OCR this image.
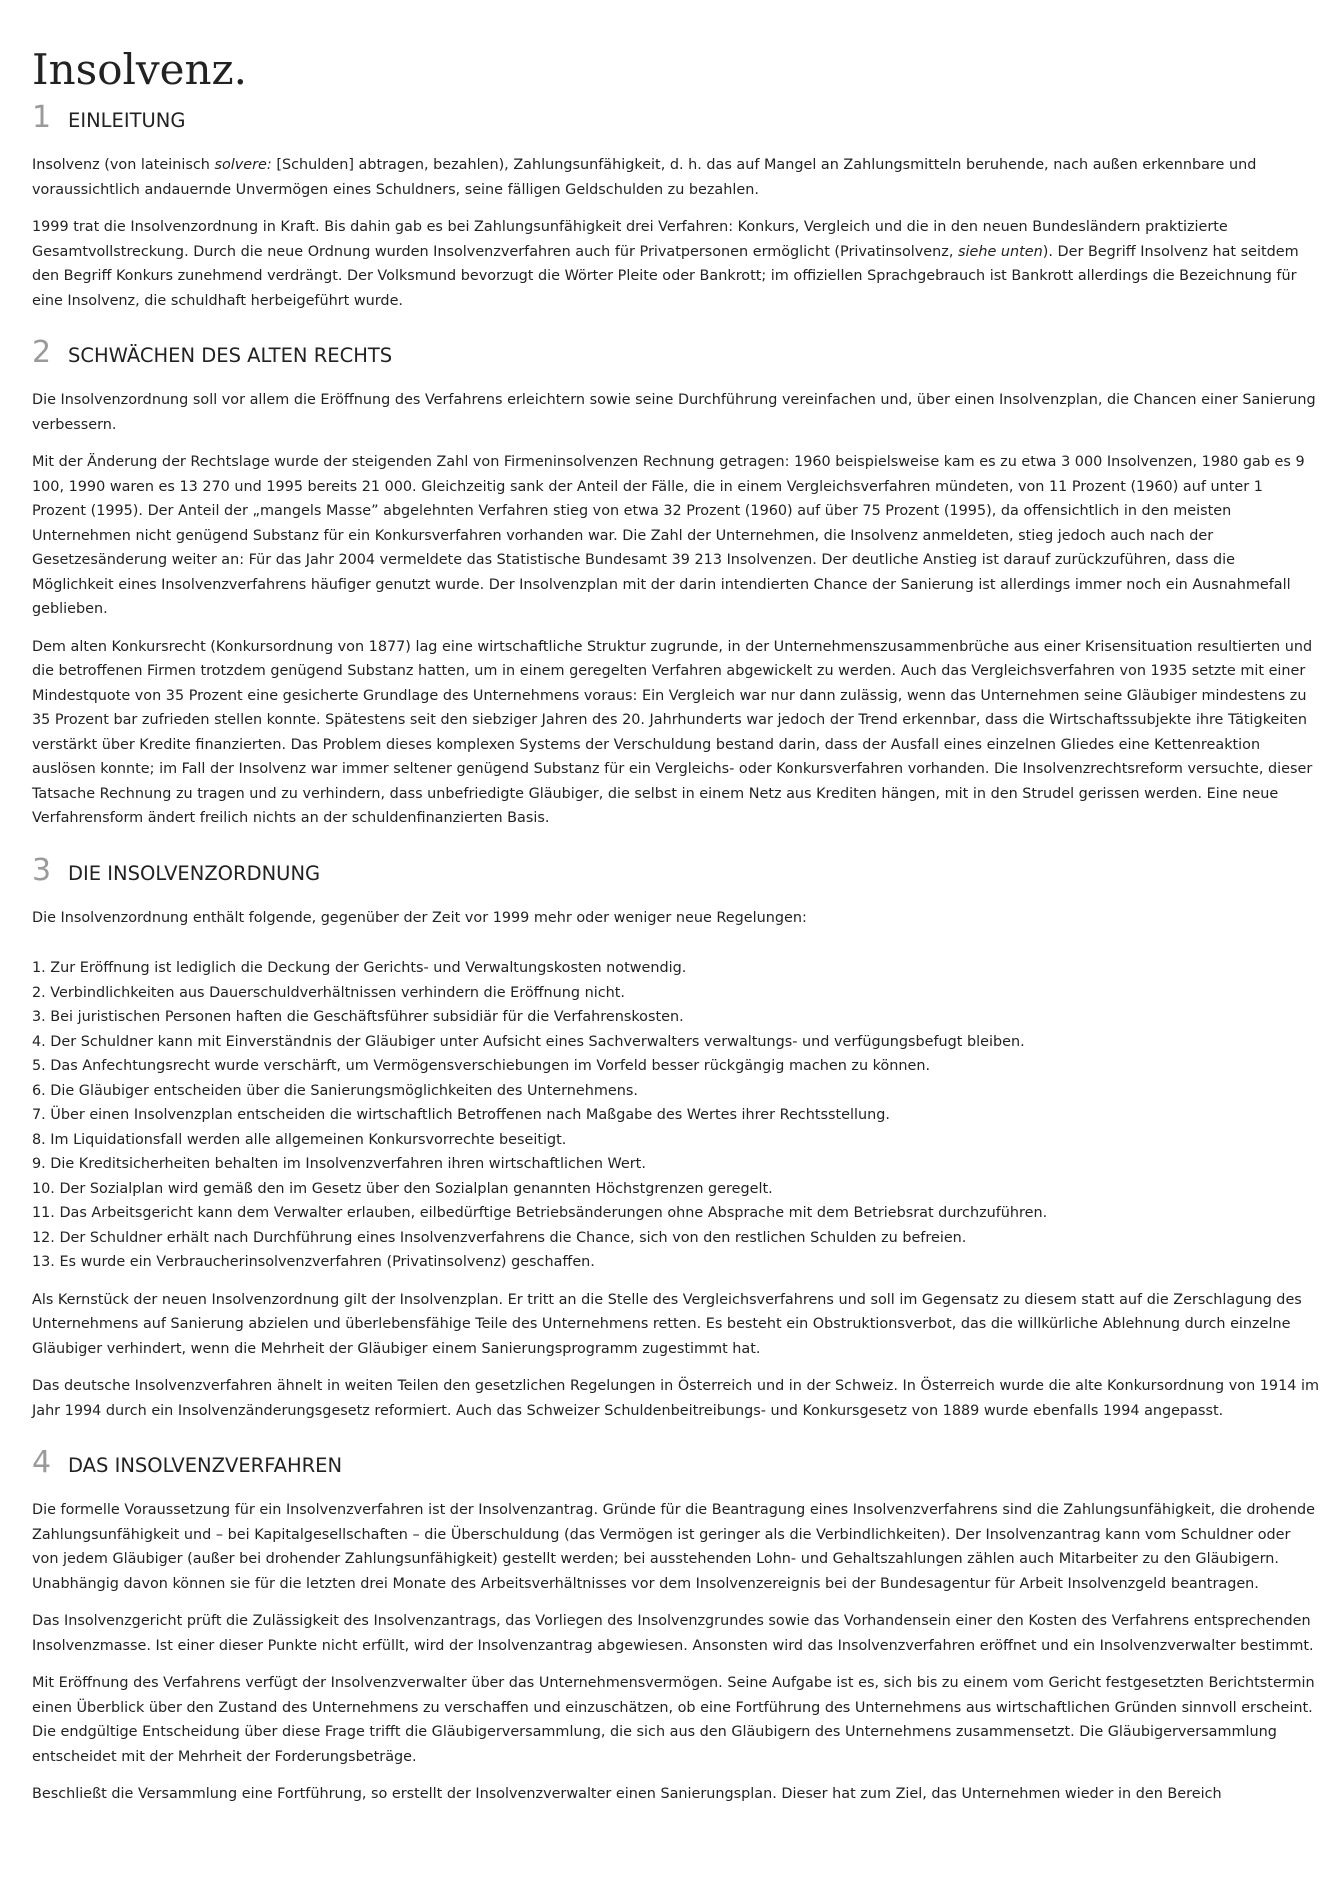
Insolvenz.
1 EINLEITUNG

Insolvenz (von lateinisch solvere: [Schulden] abtragen, bezahlen), Zahlungsunfähigkeit, d. h. das auf Mangel an Zahlungsmitteln beruhende, nach außen erkennbare und voraussichtlich andauernde Unvermögen eines Schuldners, seine fälligen Geldschulden zu bezahlen.

1999 trat die Insolvenzordnung in Kraft. Bis dahin gab es bei Zahlungsunfähigkeit drei Verfahren: Konkurs, Vergleich und die in den neuen Bundesländern praktizierte Gesamtvollstreckung. Durch die neue Ordnung wurden Insolvenzverfahren auch für Privatpersonen ermöglicht (Privatinsolvenz, siehe unten). Der Begriff Insolvenz hat seitdem den Begriff Konkurs zunehmend verdrängt. Der Volksmund bevorzugt die Wörter Pleite oder Bankrott; im offiziellen Sprachgebrauch ist Bankrott allerdings die Bezeichnung für eine Insolvenz, die schuldhaft herbeigeführt wurde.

2 SCHWÄCHEN DES ALTEN RECHTS

Die Insolvenzordnung soll vor allem die Eröffnung des Verfahrens erleichtern sowie seine Durchführung vereinfachen und, über einen Insolvenzplan, die Chancen einer Sanierung verbessern.

Mit der Änderung der Rechtslage wurde der steigenden Zahl von Firmeninsolvenzen Rechnung getragen: 1960 beispielsweise kam es zu etwa 3 000 Insolvenzen, 1980 gab es 9 100, 1990 waren es 13 270 und 1995 bereits 21 000. Gleichzeitig sank der Anteil der Fälle, die in einem Vergleichsverfahren mündeten, von 11 Prozent (1960) auf unter 1 Prozent (1995). Der Anteil der „mangels Masse” abgelehnten Verfahren stieg von etwa 32 Prozent (1960) auf über 75 Prozent (1995), da offensichtlich in den meisten Unternehmen nicht genügend Substanz für ein Konkursverfahren vorhanden war. Die Zahl der Unternehmen, die Insolvenz anmeldeten, stieg jedoch auch nach der Gesetzesänderung weiter an: Für das Jahr 2004 vermeldete das Statistische Bundesamt 39 213 Insolvenzen. Der deutliche Anstieg ist darauf zurückzuführen, dass die Möglichkeit eines Insolvenzverfahrens häufiger genutzt wurde. Der Insolvenzplan mit der darin intendierten Chance der Sanierung ist allerdings immer noch ein Ausnahmefall geblieben.

Dem alten Konkursrecht (Konkursordnung von 1877) lag eine wirtschaftliche Struktur zugrunde, in der Unternehmenszusammenbrüche aus einer Krisensituation resultierten und die betroffenen Firmen trotzdem genügend Substanz hatten, um in einem geregelten Verfahren abgewickelt zu werden. Auch das Vergleichsverfahren von 1935 setzte mit einer Mindestquote von 35 Prozent eine gesicherte Grundlage des Unternehmens voraus: Ein Vergleich war nur dann zulässig, wenn das Unternehmen seine Gläubiger mindestens zu 35 Prozent bar zufrieden stellen konnte. Spätestens seit den siebziger Jahren des 20. Jahrhunderts war jedoch der Trend erkennbar, dass die Wirtschaftssubjekte ihre Tätigkeiten verstärkt über Kredite finanzierten. Das Problem dieses komplexen Systems der Verschuldung bestand darin, dass der Ausfall eines einzelnen Gliedes eine Kettenreaktion auslösen konnte; im Fall der Insolvenz war immer seltener genügend Substanz für ein Vergleichs- oder Konkursverfahren vorhanden. Die Insolvenzrechtsreform versuchte, dieser Tatsache Rechnung zu tragen und zu verhindern, dass unbefriedigte Gläubiger, die selbst in einem Netz aus Krediten hängen, mit in den Strudel gerissen werden. Eine neue Verfahrensform ändert freilich nichts an der schuldenfinanzierten Basis.

3 DIE INSOLVENZORDNUNG

Die Insolvenzordnung enthält folgende, gegenüber der Zeit vor 1999 mehr oder weniger neue Regelungen:

1. Zur Eröffnung ist lediglich die Deckung der Gerichts- und Verwaltungskosten notwendig.
2. Verbindlichkeiten aus Dauerschuldverhältnissen verhindern die Eröffnung nicht.
3. Bei juristischen Personen haften die Geschäftsführer subsidiär für die Verfahrenskosten.
4. Der Schuldner kann mit Einverständnis der Gläubiger unter Aufsicht eines Sachverwalters verwaltungs- und verfügungsbefugt bleiben.
5. Das Anfechtungsrecht wurde verschärft, um Vermögensverschiebungen im Vorfeld besser rückgängig machen zu können.
6. Die Gläubiger entscheiden über die Sanierungsmöglichkeiten des Unternehmens.
7. Über einen Insolvenzplan entscheiden die wirtschaftlich Betroffenen nach Maßgabe des Wertes ihrer Rechtsstellung.
8. Im Liquidationsfall werden alle allgemeinen Konkursvorrechte beseitigt.
9. Die Kreditsicherheiten behalten im Insolvenzverfahren ihren wirtschaftlichen Wert.
10. Der Sozialplan wird gemäß den im Gesetz über den Sozialplan genannten Höchstgrenzen geregelt.
11. Das Arbeitsgericht kann dem Verwalter erlauben, eilbedürftige Betriebsänderungen ohne Absprache mit dem Betriebsrat durchzuführen.
12. Der Schuldner erhält nach Durchführung eines Insolvenzverfahrens die Chance, sich von den restlichen Schulden zu befreien.
13. Es wurde ein Verbraucherinsolvenzverfahren (Privatinsolvenz) geschaffen.

Als Kernstück der neuen Insolvenzordnung gilt der Insolvenzplan. Er tritt an die Stelle des Vergleichsverfahrens und soll im Gegensatz zu diesem statt auf die Zerschlagung des Unternehmens auf Sanierung abzielen und überlebensfähige Teile des Unternehmens retten. Es besteht ein Obstruktionsverbot, das die willkürliche Ablehnung durch einzelne Gläubiger verhindert, wenn die Mehrheit der Gläubiger einem Sanierungsprogramm zugestimmt hat.

Das deutsche Insolvenzverfahren ähnelt in weiten Teilen den gesetzlichen Regelungen in Österreich und in der Schweiz. In Österreich wurde die alte Konkursordnung von 1914 im Jahr 1994 durch ein Insolvenzänderungsgesetz reformiert. Auch das Schweizer Schuldenbeitreibungs- und Konkursgesetz von 1889 wurde ebenfalls 1994 angepasst.

4 DAS INSOLVENZVERFAHREN

Die formelle Voraussetzung für ein Insolvenzverfahren ist der Insolvenzantrag. Gründe für die Beantragung eines Insolvenzverfahrens sind die Zahlungsunfähigkeit, die drohende Zahlungsunfähigkeit und – bei Kapitalgesellschaften – die Überschuldung (das Vermögen ist geringer als die Verbindlichkeiten). Der Insolvenzantrag kann vom Schuldner oder von jedem Gläubiger (außer bei drohender Zahlungsunfähigkeit) gestellt werden; bei ausstehenden Lohn- und Gehaltszahlungen zählen auch Mitarbeiter zu den Gläubigern. Unabhängig davon können sie für die letzten drei Monate des Arbeitsverhältnisses vor dem Insolvenzereignis bei der Bundesagentur für Arbeit Insolvenzgeld beantragen.

Das Insolvenzgericht prüft die Zulässigkeit des Insolvenzantrags, das Vorliegen des Insolvenzgrundes sowie das Vorhandensein einer den Kosten des Verfahrens entsprechenden Insolvenzmasse. Ist einer dieser Punkte nicht erfüllt, wird der Insolvenzantrag abgewiesen. Ansonsten wird das Insolvenzverfahren eröffnet und ein Insolvenzverwalter bestimmt.

Mit Eröffnung des Verfahrens verfügt der Insolvenzverwalter über das Unternehmensvermögen. Seine Aufgabe ist es, sich bis zu einem vom Gericht festgesetzten Berichtstermin einen Überblick über den Zustand des Unternehmens zu verschaffen und einzuschätzen, ob eine Fortführung des Unternehmens aus wirtschaftlichen Gründen sinnvoll erscheint. Die endgültige Entscheidung über diese Frage trifft die Gläubigerversammlung, die sich aus den Gläubigern des Unternehmens zusammensetzt. Die Gläubigerversammlung entscheidet mit der Mehrheit der Forderungsbeträge.

Beschließt die Versammlung eine Fortführung, so erstellt der Insolvenzverwalter einen Sanierungsplan. Dieser hat zum Ziel, das Unternehmen wieder in den Bereich
